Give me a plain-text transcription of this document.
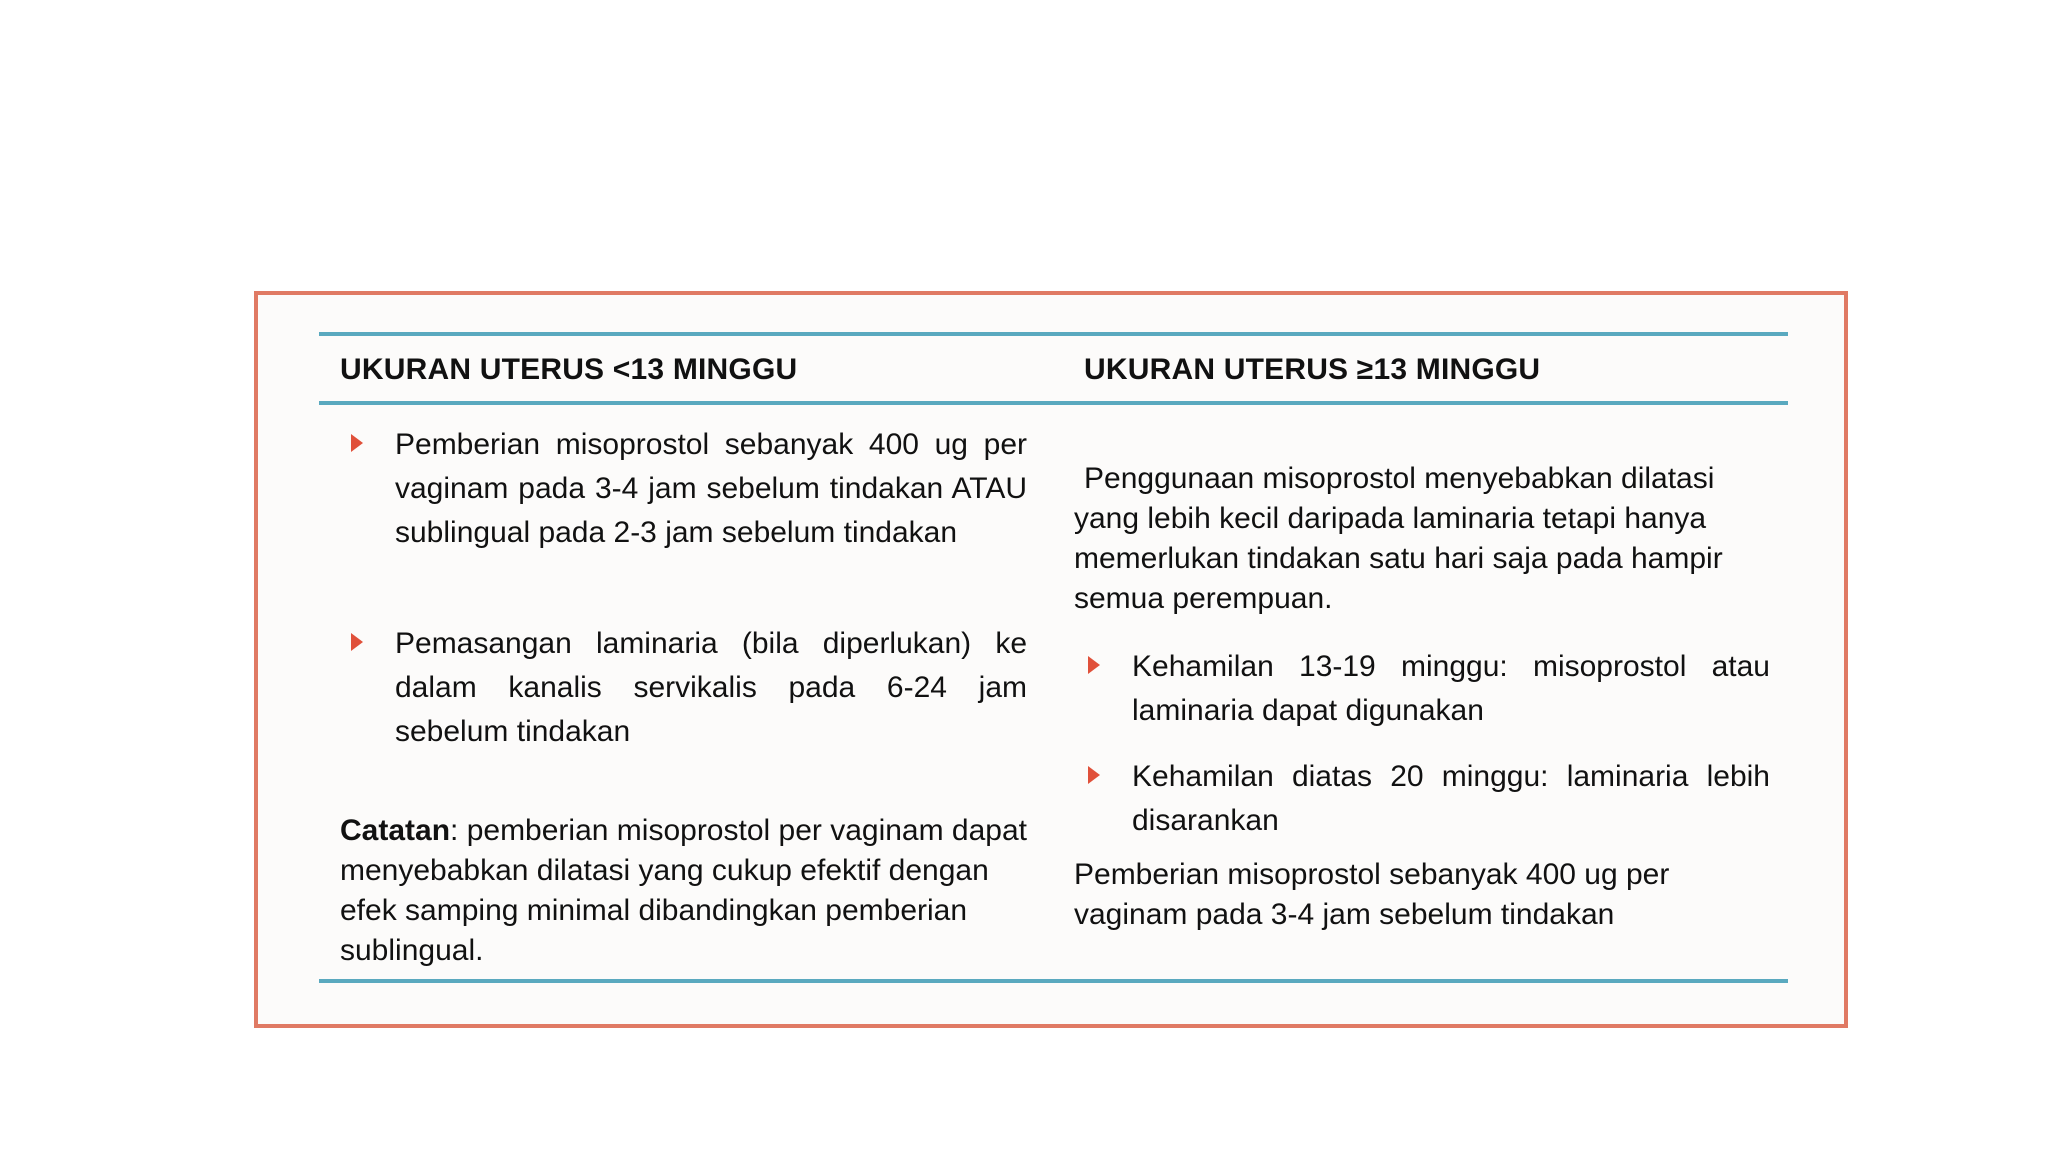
UKURAN UTERUS <13 MINGGU	UKURAN UTERUS ≥13 MINGGU
Pemberian misoprostol sebanyak 400 ug per vaginam pada 3-4 jam sebelum tindakan ATAU sublingual pada 2-3 jam sebelum tindakan
Pemasangan laminaria (bila diperlukan) ke dalam kanalis servikalis pada 6-24 jam sebelum tindakan
Catatan: pemberian misoprostol per vaginam dapat menyebabkan dilatasi yang cukup efektif dengan efek samping minimal dibandingkan pemberian sublingual.
Penggunaan misoprostol menyebabkan dilatasi yang lebih kecil daripada laminaria tetapi hanya memerlukan tindakan satu hari saja pada hampir semua perempuan.
Kehamilan 13-19 minggu: misoprostol atau laminaria dapat digunakan
Kehamilan diatas 20 minggu: laminaria lebih disarankan
Pemberian misoprostol sebanyak 400 ug per vaginam pada 3-4 jam sebelum tindakan
